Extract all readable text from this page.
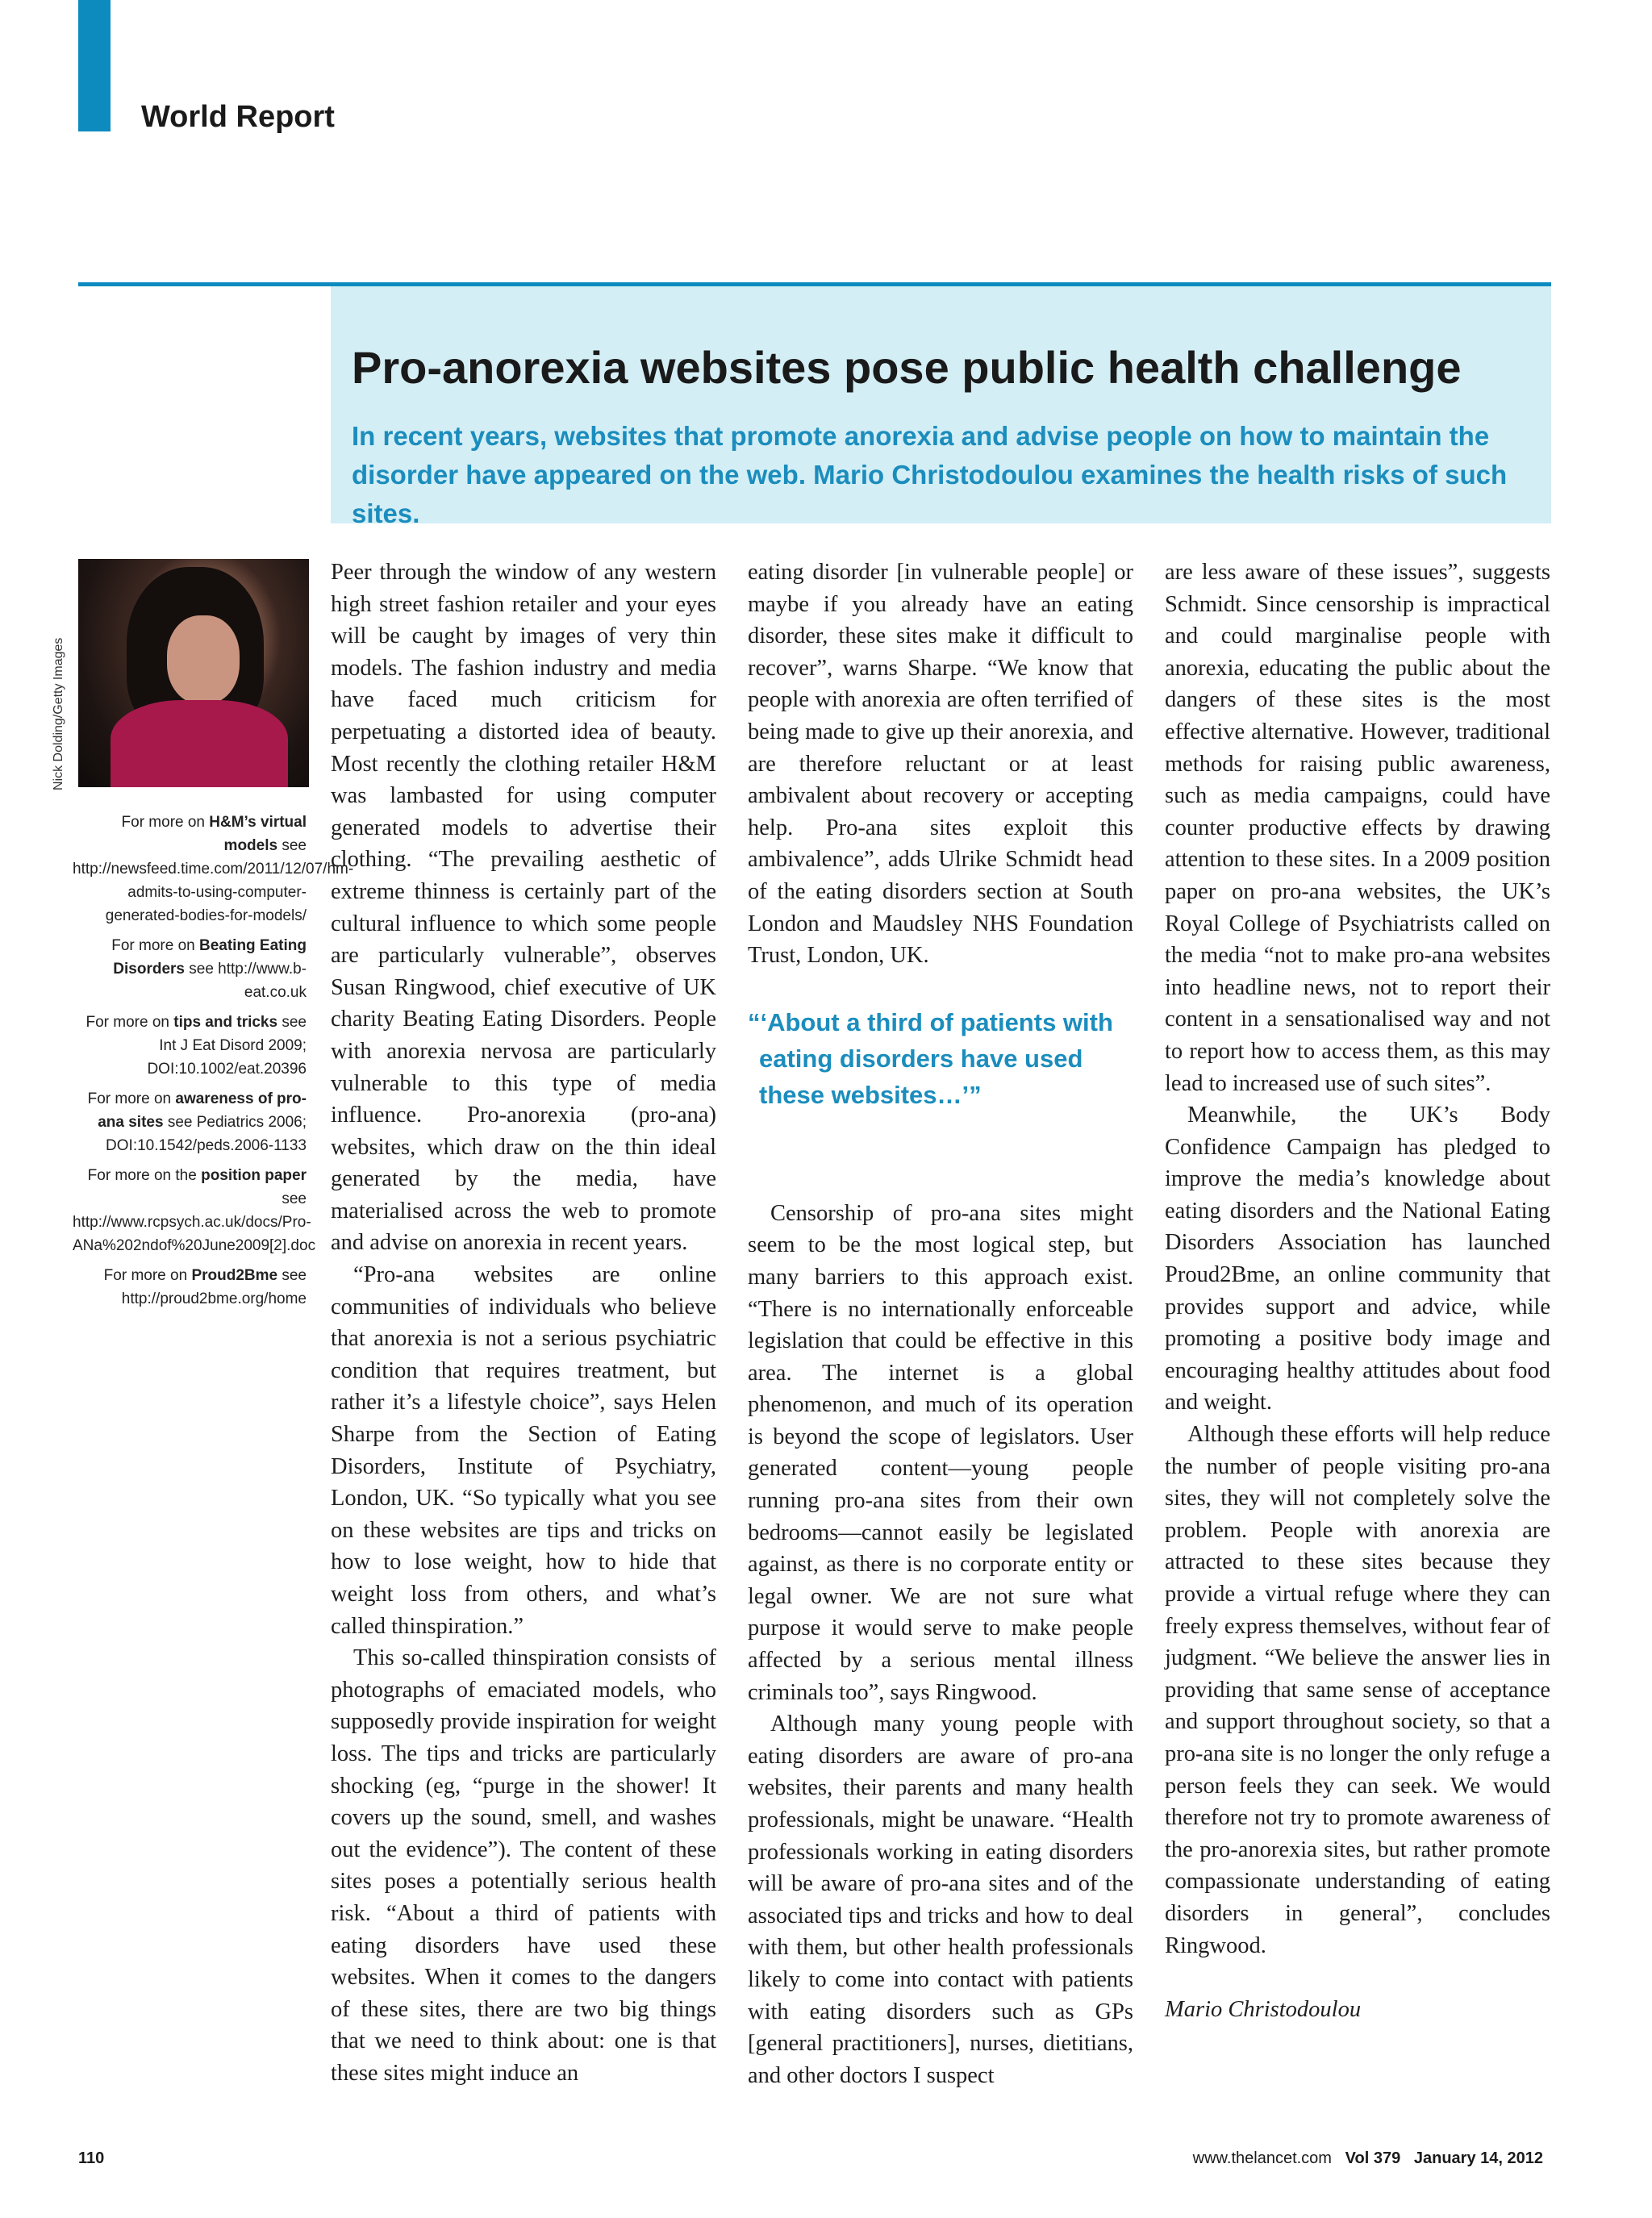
World Report
Pro-anorexia websites pose public health challenge

In recent years, websites that promote anorexia and advise people on how to maintain the disorder have appeared on the web. Mario Christodoulou examines the health risks of such sites.

Nick Dolding/Getty Images
For more on H&M’s virtual models see http://newsfeed.time.com/2011/12/07/hm-admits-to-using-computer-generated-bodies-for-models/
For more on Beating Eating Disorders see http://www.b-eat.co.uk
For more on tips and tricks see Int J Eat Disord 2009; DOI:10.1002/eat.20396
For more on awareness of pro-ana sites see Pediatrics 2006; DOI:10.1542/peds.2006-1133
For more on the position paper see http://www.rcpsych.ac.uk/docs/Pro-ANa%202ndof%20June2009[2].doc
For more on Proud2Bme see http://proud2bme.org/home

Peer through the window of any western high street fashion retailer and your eyes will be caught by images of very thin models. The fashion industry and media have faced much criticism for perpetuating a distorted idea of beauty. Most recently the clothing retailer H&M was lambasted for using computer generated models to advertise their clothing. “The prevailing aesthetic of extreme thinness is certainly part of the cultural influence to which some people are particularly vulnerable”, observes Susan Ringwood, chief executive of UK charity Beating Eating Disorders. People with anorexia nervosa are particularly vulnerable to this type of media influence. Pro-anorexia (pro-ana) websites, which draw on the thin ideal generated by the media, have materialised across the web to promote and advise on anorexia in recent years.

“Pro-ana websites are online communities of individuals who believe that anorexia is not a serious psychiatric condition that requires treatment, but rather it’s a lifestyle choice”, says Helen Sharpe from the Section of Eating Disorders, Institute of Psychiatry, London, UK. “So typically what you see on these websites are tips and tricks on how to lose weight, how to hide that weight loss from others, and what’s called thinspiration.”

This so-called thinspiration consists of photographs of emaciated models, who supposedly provide inspiration for weight loss. The tips and tricks are particularly shocking (eg, “purge in the shower! It covers up the sound, smell, and washes out the evidence”). The content of these sites poses a potentially serious health risk. “About a third of patients with eating disorders have used these websites. When it comes to the dangers of these sites, there are two big things that we need to think about: one is that these sites might induce an

eating disorder [in vulnerable people] or maybe if you already have an eating disorder, these sites make it difficult to recover”, warns Sharpe. “We know that people with anorexia are often terrified of being made to give up their anorexia, and are therefore reluctant or at least ambivalent about recovery or accepting help. Pro-ana sites exploit this ambivalence”, adds Ulrike Schmidt head of the eating disorders section at South London and Maudsley NHS Foundation Trust, London, UK.

“‘About a third of patients with eating disorders have used these websites…’”

Censorship of pro-ana sites might seem to be the most logical step, but many barriers to this approach exist. “There is no internationally enforceable legislation that could be effective in this area. The internet is a global phenomenon, and much of its operation is beyond the scope of legislators. User generated content—young people running pro-ana sites from their own bedrooms—cannot easily be legislated against, as there is no corporate entity or legal owner. We are not sure what purpose it would serve to make people affected by a serious mental illness criminals too”, says Ringwood.

Although many young people with eating disorders are aware of pro-ana websites, their parents and many health professionals, might be unaware. “Health professionals working in eating disorders will be aware of pro-ana sites and of the associated tips and tricks and how to deal with them, but other health professionals likely to come into contact with patients with eating disorders such as GPs [general practitioners], nurses, dietitians, and other doctors I suspect

are less aware of these issues”, suggests Schmidt. Since censorship is impractical and could marginalise people with anorexia, educating the public about the dangers of these sites is the most effective alternative. However, traditional methods for raising public awareness, such as media campaigns, could have counter productive effects by drawing attention to these sites. In a 2009 position paper on pro-ana websites, the UK’s Royal College of Psychiatrists called on the media “not to make pro-ana websites into headline news, not to report their content in a sensationalised way and not to report how to access them, as this may lead to increased use of such sites”.

Meanwhile, the UK’s Body Confidence Campaign has pledged to improve the media’s knowledge about eating disorders and the National Eating Disorders Association has launched Proud2Bme, an online community that provides support and advice, while promoting a positive body image and encouraging healthy attitudes about food and weight.

Although these efforts will help reduce the number of people visiting pro-ana sites, they will not completely solve the problem. People with anorexia are attracted to these sites because they provide a virtual refuge where they can freely express themselves, without fear of judgment. “We believe the answer lies in providing that same sense of acceptance and support throughout society, so that a pro-ana site is no longer the only refuge a person feels they can seek. We would therefore not try to promote awareness of the pro-anorexia sites, but rather promote compassionate understanding of eating disorders in general”, concludes Ringwood.

Mario Christodoulou

110	www.thelancet.com Vol 379 January 14, 2012
